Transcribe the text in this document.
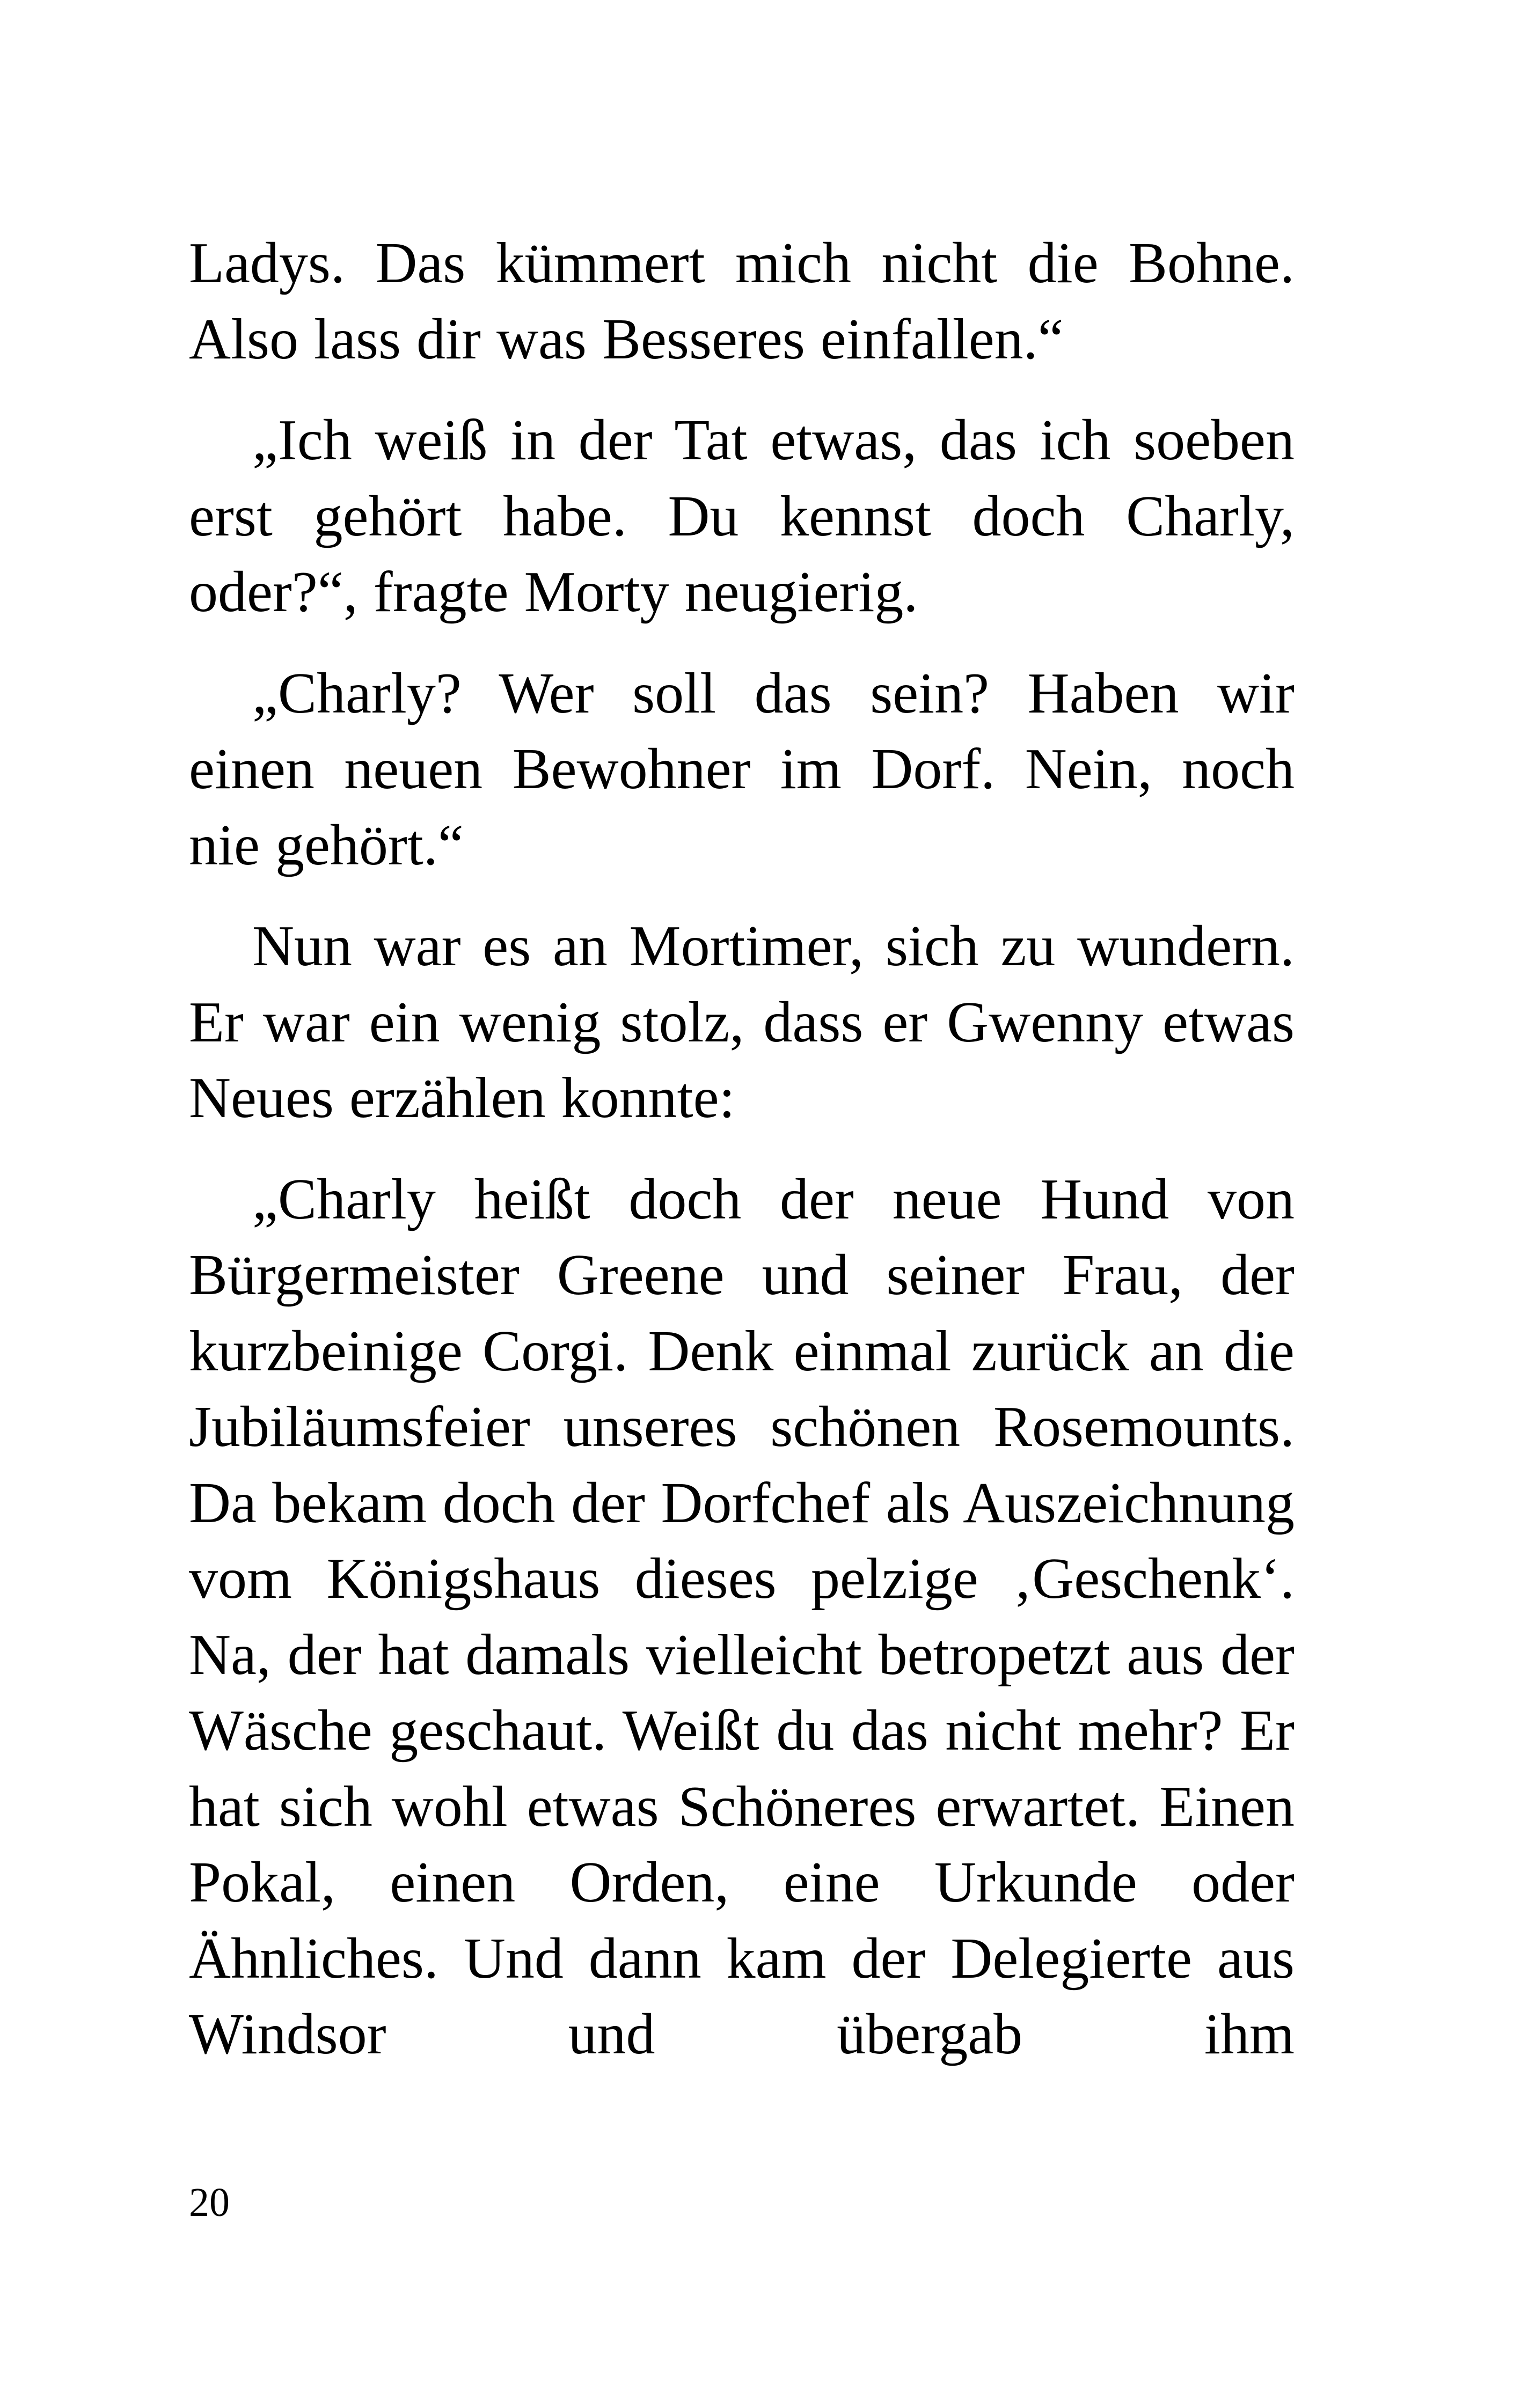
Ladys. Das kümmert mich nicht die Bohne. Also lass dir was Besseres einfallen.“

„Ich weiß in der Tat etwas, das ich soeben erst gehört habe. Du kennst doch Charly, oder?“, fragte Morty neugierig.

„Charly? Wer soll das sein? Haben wir einen neuen Bewohner im Dorf. Nein, noch nie gehört.“

Nun war es an Mortimer, sich zu wundern. Er war ein wenig stolz, dass er Gwenny etwas Neues erzählen konnte:

„Charly heißt doch der neue Hund von Bürgermeister Greene und seiner Frau, der kurzbeinige Corgi. Denk einmal zurück an die Jubiläumsfeier unseres schönen Rosemounts. Da bekam doch der Dorfchef als Auszeichnung vom Königshaus dieses pelzige ‚Geschenk‘. Na, der hat damals vielleicht betropetzt aus der Wäsche geschaut. Weißt du das nicht mehr? Er hat sich wohl etwas Schöneres erwartet. Einen Pokal, einen Orden, eine Urkunde oder Ähnliches. Und dann kam der Delegierte aus Windsor und übergab ihm

20
